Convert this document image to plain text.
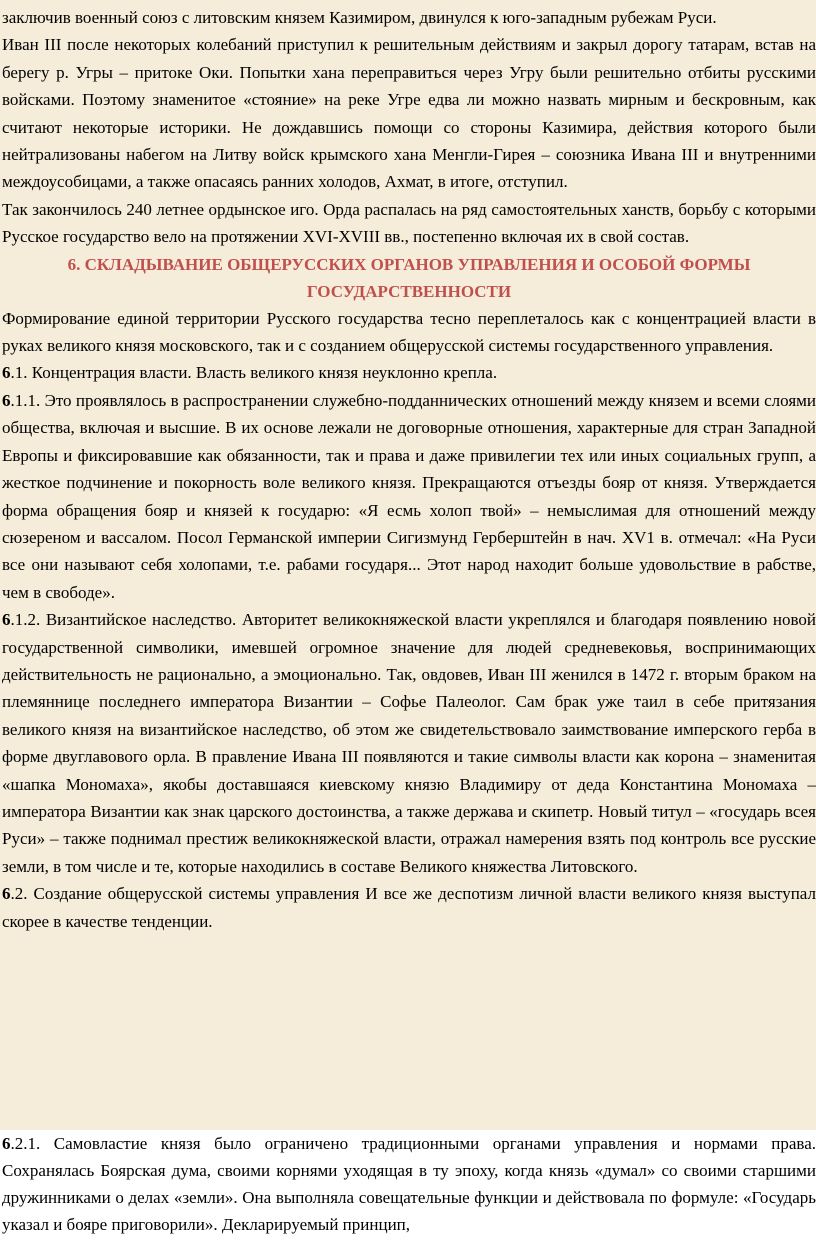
заключив военный союз с литовским князем Казимиром, двинулся к юго-западным рубежам Руси.

Иван III после некоторых колебаний приступил к решительным действиям и закрыл дорогу татарам, встав на берегу р. Угры – притоке Оки. Попытки хана переправиться через Угру были решительно отбиты русскими войсками. Поэтому знаменитое «стояние» на реке Угре едва ли можно назвать мирным и бескровным, как считают некоторые историки. Не дождавшись помощи со стороны Казимира, действия которого были нейтрализованы набегом на Литву войск крымского хана Менгли-Гирея – союзника Ивана III и внутренними междоусобицами, а также опасаясь ранних холодов, Ахмат, в итоге, отступил.

Так закончилось 240 летнее ордынское иго. Орда распалась на ряд самостоятельных ханств, борьбу с которыми Русское государство вело на протяжении XVI-XVIII вв., постепенно включая их в свой состав.

6. СКЛАДЫВАНИЕ ОБЩЕРУССКИХ ОРГАНОВ УПРАВЛЕНИЯ И ОСОБОЙ ФОРМЫ ГОСУДАРСТВЕННОСТИ

Формирование единой территории Русского государства тесно переплеталось как с концентрацией власти в руках великого князя московского, так и с созданием общерусской системы государственного управления.

6.1. Концентрация власти. Власть великого князя неуклонно крепла.

6.1.1. Это проявлялось в распространении служебно-подданнических отношений между князем и всеми слоями общества, включая и высшие. В их основе лежали не договорные отношения, характерные для стран Западной Европы и фиксировавшие как обязанности, так и права и даже привилегии тех или иных социальных групп, а жесткое подчинение и покорность воле великого князя. Прекращаются отъезды бояр от князя. Утверждается форма обращения бояр и князей к государю: «Я есмь холоп твой» – немыслимая для отношений между сюзереном и вассалом. Посол Германской империи Сигизмунд Герберштейн в нач. XV1 в. отмечал: «На Руси все они называют себя холопами, т.е. рабами государя... Этот народ находит больше удовольствие в рабстве, чем в свободе».

6.1.2. Византийское наследство. Авторитет великокняжеской власти укреплялся и благодаря появлению новой государственной символики, имевшей огромное значение для людей средневековья, воспринимающих действительность не рационально, а эмоционально. Так, овдовев, Иван III женился в 1472 г. вторым браком на племяннице последнего императора Византии – Софье Палеолог. Сам брак уже таил в себе притязания великого князя на византийское наследство, об этом же свидетельствовало заимствование имперского герба в форме двуглавового орла. В правление Ивана III появляются и такие символы власти как корона – знаменитая «шапка Мономаха», якобы доставшаяся киевскому князю Владимиру от деда Константина Мономаха – императора Византии как знак царского достоинства, а также держава и скипетр. Новый титул – «государь всея Руси» – также поднимал престиж великокняжеской власти, отражал намерения взять под контроль все русские земли, в том числе и те, которые находились в составе Великого княжества Литовского.

6.2. Создание общерусской системы управления И все же деспотизм личной власти великого князя выступал скорее в качестве тенденции.

6.2.1. Самовластие князя было ограничено традиционными органами управления и нормами права. Сохранялась Боярская дума, своими корнями уходящая в ту эпоху, когда князь «думал» со своими старшими дружинниками о делах «земли». Она выполняла совещательные функции и действовала по формуле: «Государь указал и бояре приговорили». Декларируемый принцип,
